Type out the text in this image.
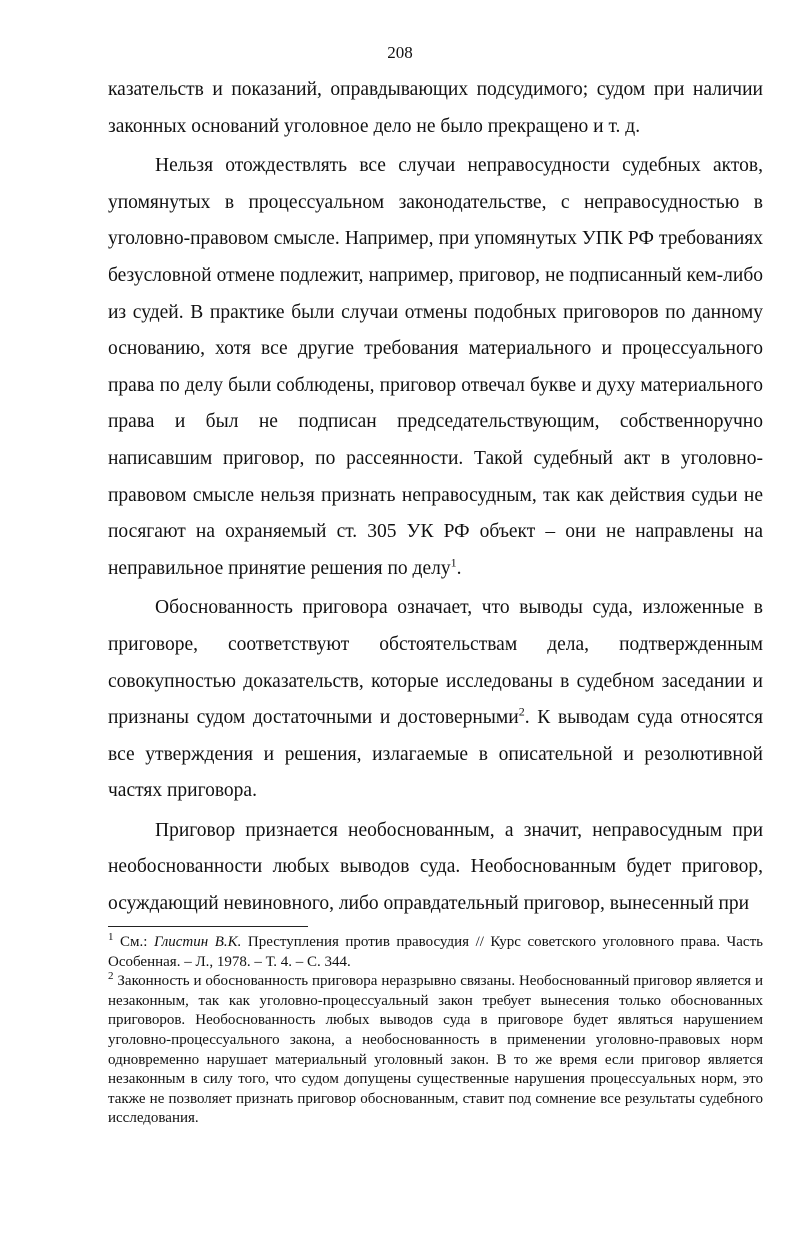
208

казательств и показаний, оправдывающих подсудимого; судом при наличии законных оснований уголовное дело не было прекращено и т. д.

Нельзя отождествлять все случаи неправосудности судебных актов, упомянутых в процессуальном законодательстве, с неправосудностью в уголовно-правовом смысле. Например, при упомянутых УПК РФ требованиях безусловной отмене подлежит, например, приговор, не подписанный кем-либо из судей. В практике были случаи отмены подобных приговоров по данному основанию, хотя все другие требования материального и процессуального права по делу были соблюдены, приговор отвечал букве и духу материального права и был не подписан председательствующим, собственноручно написавшим приговор, по рассеянности. Такой судебный акт в уголовно-правовом смысле нельзя признать неправосудным, так как действия судьи не посягают на охраняемый ст. 305 УК РФ объект – они не направлены на неправильное принятие решения по делу$^1$.

Обоснованность приговора означает, что выводы суда, изложенные в приговоре, соответствуют обстоятельствам дела, подтвержденным совокупностью доказательств, которые исследованы в судебном заседании и признаны судом достаточными и достоверными$^2$. К выводам суда относятся все утверждения и решения, излагаемые в описательной и резолютивной частях приговора.

Приговор признается необоснованным, а значит, неправосудным при необоснованности любых выводов суда. Необоснованным будет приговор, осуждающий невиновного, либо оправдательный приговор, вынесенный при

$^1$ См.: Глистин В.К. Преступления против правосудия // Курс советского уголовного права. Часть Особенная. – Л., 1978. – Т. 4. – С. 344.

$^2$ Законность и обоснованность приговора неразрывно связаны. Необоснованный приговор является и незаконным, так как уголовно-процессуальный закон требует вынесения только обоснованных приговоров. Необоснованность любых выводов суда в приговоре будет являться нарушением уголовно-процессуального закона, а необоснованность в применении уголовно-правовых норм одновременно нарушает материальный уголовный закон. В то же время если приговор является незаконным в силу того, что судом допущены существенные нарушения процессуальных норм, это также не позволяет признать приговор обоснованным, ставит под сомнение все результаты судебного исследования.
